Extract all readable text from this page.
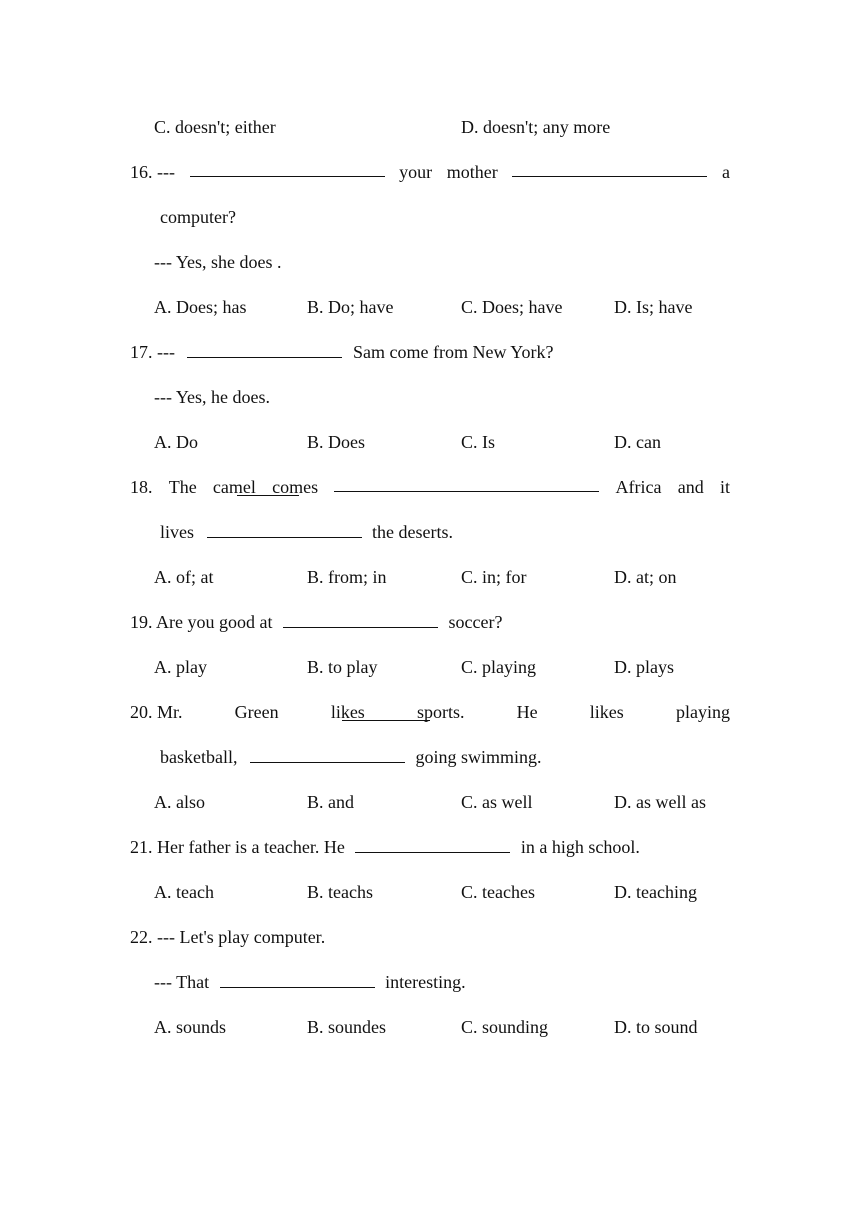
C. doesn't; either	D. doesn't; any more
16. ---	your mother	a
computer?
--- Yes, she does .
A. Does; has	B. Do; have	C. Does; have	D. Is; have
17. ---	Sam come from New York?
--- Yes, he does.
A. Do	B. Does	C. Is	D. can
18. The camel comes	Africa and it
lives	the deserts.
A. of; at	B. from; in	C. in; for	D. at; on
19. Are you good at	soccer?
A. play	B. to play	C. playing	D. plays
20. Mr.	Green	likes	sports.	He	likes	playing
basketball,	going swimming.
A. also	B. and	C. as well	D. as well as
21. Her father is a teacher. He	in a high school.
A. teach	B. teachs	C. teaches	D. teaching
22. --- Let's play computer.
--- That	interesting.
A. sounds	B. soundes	C. sounding	D. to sound
